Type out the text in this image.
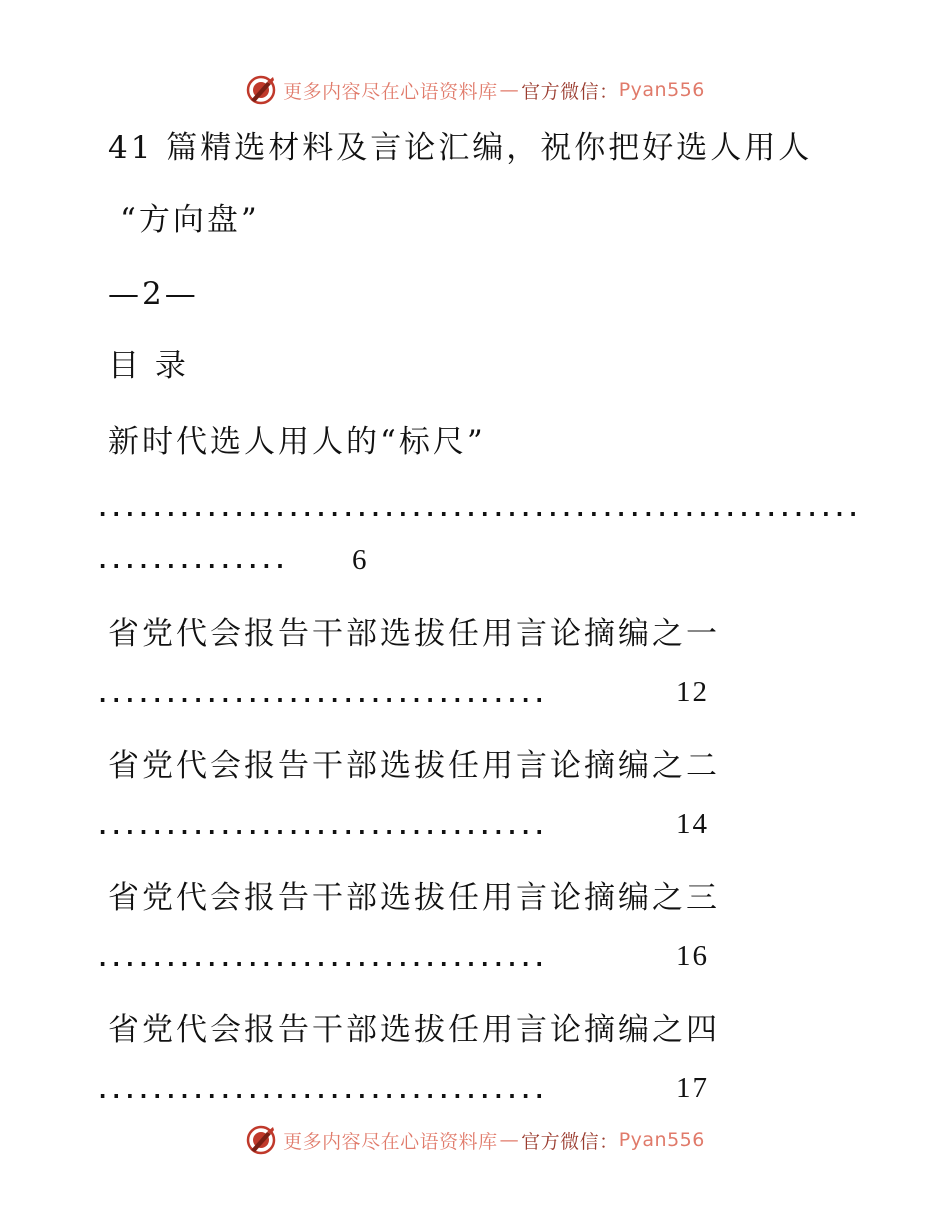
更多内容尽在心语资料库 — 官方微信： Pyan556
41 篇精选材料及言论汇编，祝你把好选人用人
“方向盘”
—2—
目 录
新时代选人用人的“标尺”
........................................................
.............. 6
省党代会报告干部选拔任用言论摘编之一
.................................	12
省党代会报告干部选拔任用言论摘编之二
.................................	14
省党代会报告干部选拔任用言论摘编之三
.................................	16
省党代会报告干部选拔任用言论摘编之四
.................................	17
更多内容尽在心语资料库 — 官方微信： Pyan556
